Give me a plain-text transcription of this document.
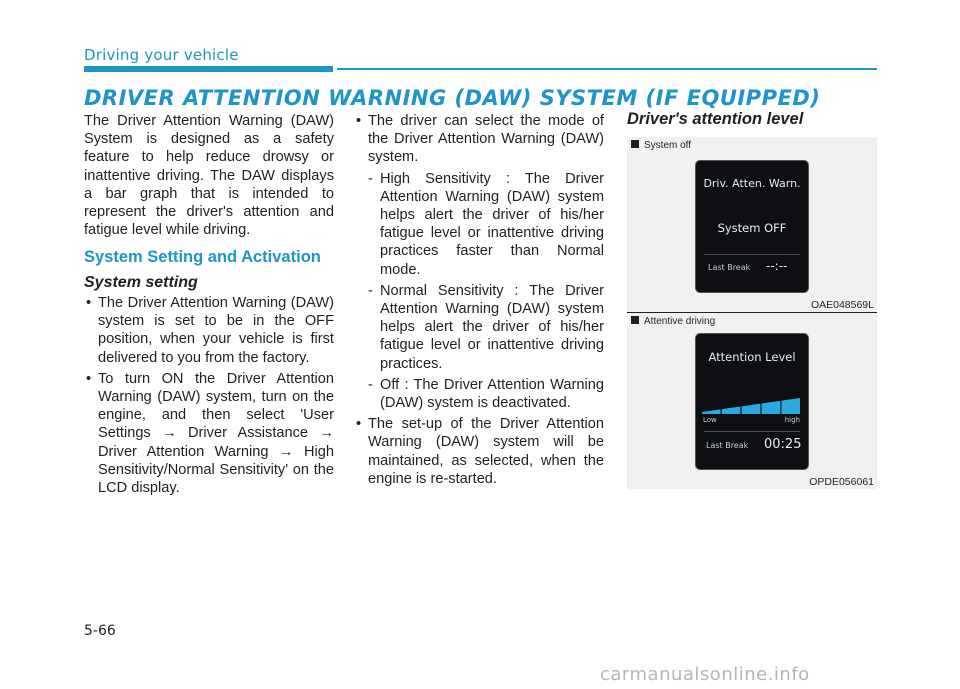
Driving your vehicle
DRIVER ATTENTION WARNING (DAW) SYSTEM (IF EQUIPPED)
The Driver Attention Warning (DAW) System is designed as a safety feature to help reduce drowsy or inattentive driving. The DAW displays a bar graph that is intended to represent the driver's attention and fatigue level while driving.
System Setting and Activation
System setting
• The Driver Attention Warning (DAW) system is set to be in the OFF position, when your vehicle is first delivered to you from the factory.
• To turn ON the Driver Attention Warning (DAW) system, turn on the engine, and then select 'User Settings → Driver Assistance → Driver Attention Warning → High Sensitivity/Normal Sensitivity' on the LCD display.
• The driver can select the mode of the Driver Attention Warning (DAW) system.
- High Sensitivity : The Driver Attention Warning (DAW) system helps alert the driver of his/her fatigue level or inattentive driving practices faster than Normal mode.
- Normal Sensitivity : The Driver Attention Warning (DAW) system helps alert the driver of his/her fatigue level or inattentive driving practices.
- Off : The Driver Attention Warning (DAW) system is deactivated.
• The set-up of the Driver Attention Warning (DAW) system will be maintained, as selected, when the engine is re-started.
Driver's attention level
System off
Driv. Atten. Warn.
System OFF
Last Break --:--
OAE048569L
Attentive driving
Attention Level
Low	high
Last Break 00:25
OPDE056061
5-66
carmanualsonline.info
